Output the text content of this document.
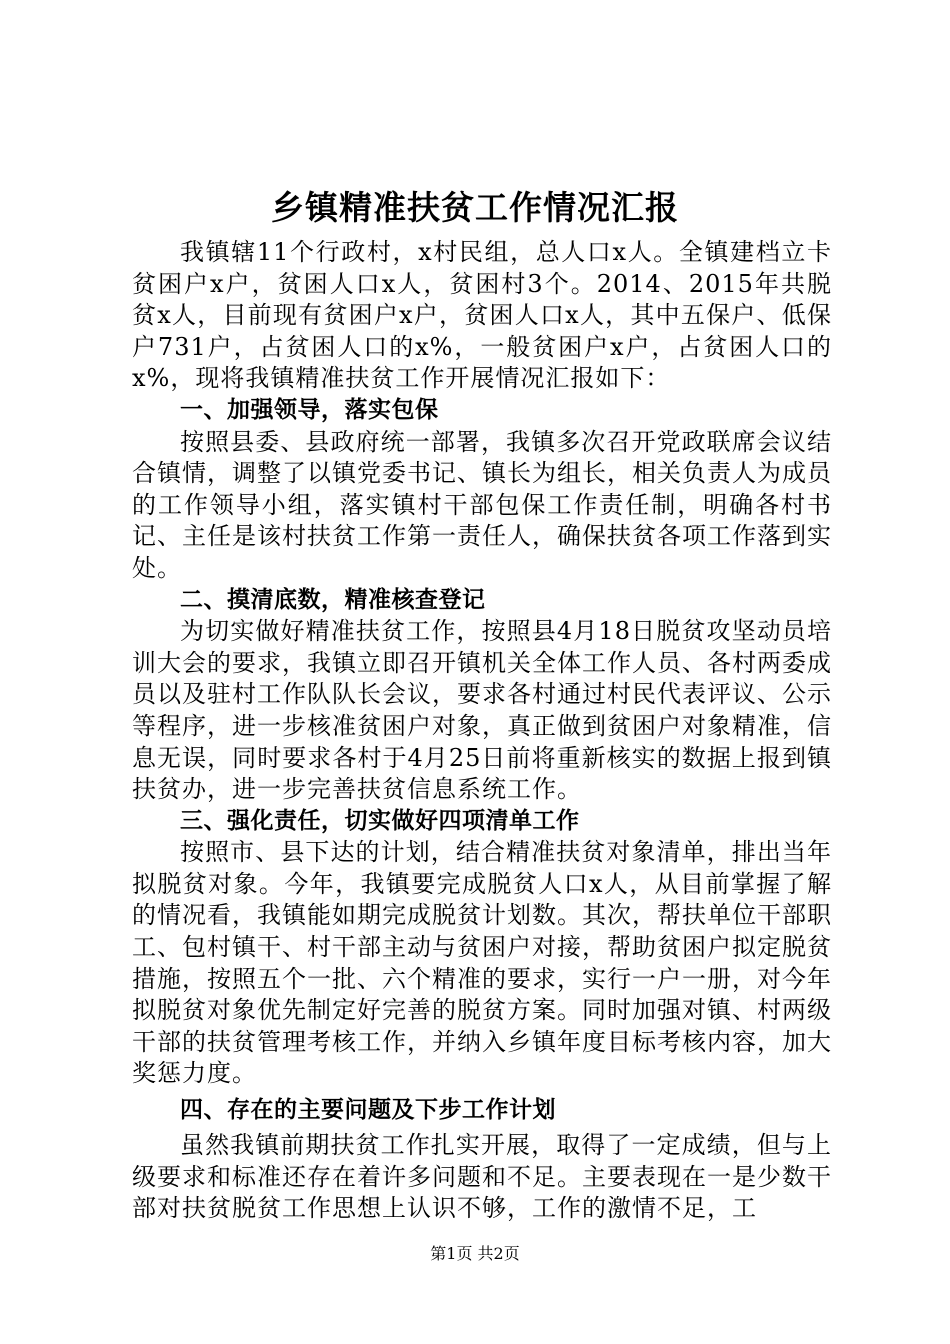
乡镇精准扶贫工作情况汇报

我镇辖11个行政村，x村民组，总人口x人。全镇建档立卡贫困户x户，贫困人口x人，贫困村3个。2014、2015年共脱贫x人，目前现有贫困户x户，贫困人口x人，其中五保户、低保户731户，占贫困人口的x%，一般贫困户x户，占贫困人口的x%，现将我镇精准扶贫工作开展情况汇报如下：

一、加强领导，落实包保

按照县委、县政府统一部署，我镇多次召开党政联席会议结合镇情，调整了以镇党委书记、镇长为组长，相关负责人为成员的工作领导小组，落实镇村干部包保工作责任制，明确各村书记、主任是该村扶贫工作第一责任人，确保扶贫各项工作落到实处。

二、摸清底数，精准核查登记

为切实做好精准扶贫工作，按照县4月18日脱贫攻坚动员培训大会的要求，我镇立即召开镇机关全体工作人员、各村两委成员以及驻村工作队队长会议，要求各村通过村民代表评议、公示等程序，进一步核准贫困户对象，真正做到贫困户对象精准，信息无误，同时要求各村于4月25日前将重新核实的数据上报到镇扶贫办，进一步完善扶贫信息系统工作。

三、强化责任，切实做好四项清单工作

按照市、县下达的计划，结合精准扶贫对象清单，排出当年拟脱贫对象。今年，我镇要完成脱贫人口x人，从目前掌握了解的情况看，我镇能如期完成脱贫计划数。其次，帮扶单位干部职工、包村镇干、村干部主动与贫困户对接，帮助贫困户拟定脱贫措施，按照五个一批、六个精准的要求，实行一户一册，对今年拟脱贫对象优先制定好完善的脱贫方案。同时加强对镇、村两级干部的扶贫管理考核工作，并纳入乡镇年度目标考核内容，加大奖惩力度。

四、存在的主要问题及下步工作计划

虽然我镇前期扶贫工作扎实开展，取得了一定成绩，但与上级要求和标准还存在着许多问题和不足。主要表现在一是少数干部对扶贫脱贫工作思想上认识不够，工作的激情不足，工

第1页 共2页
